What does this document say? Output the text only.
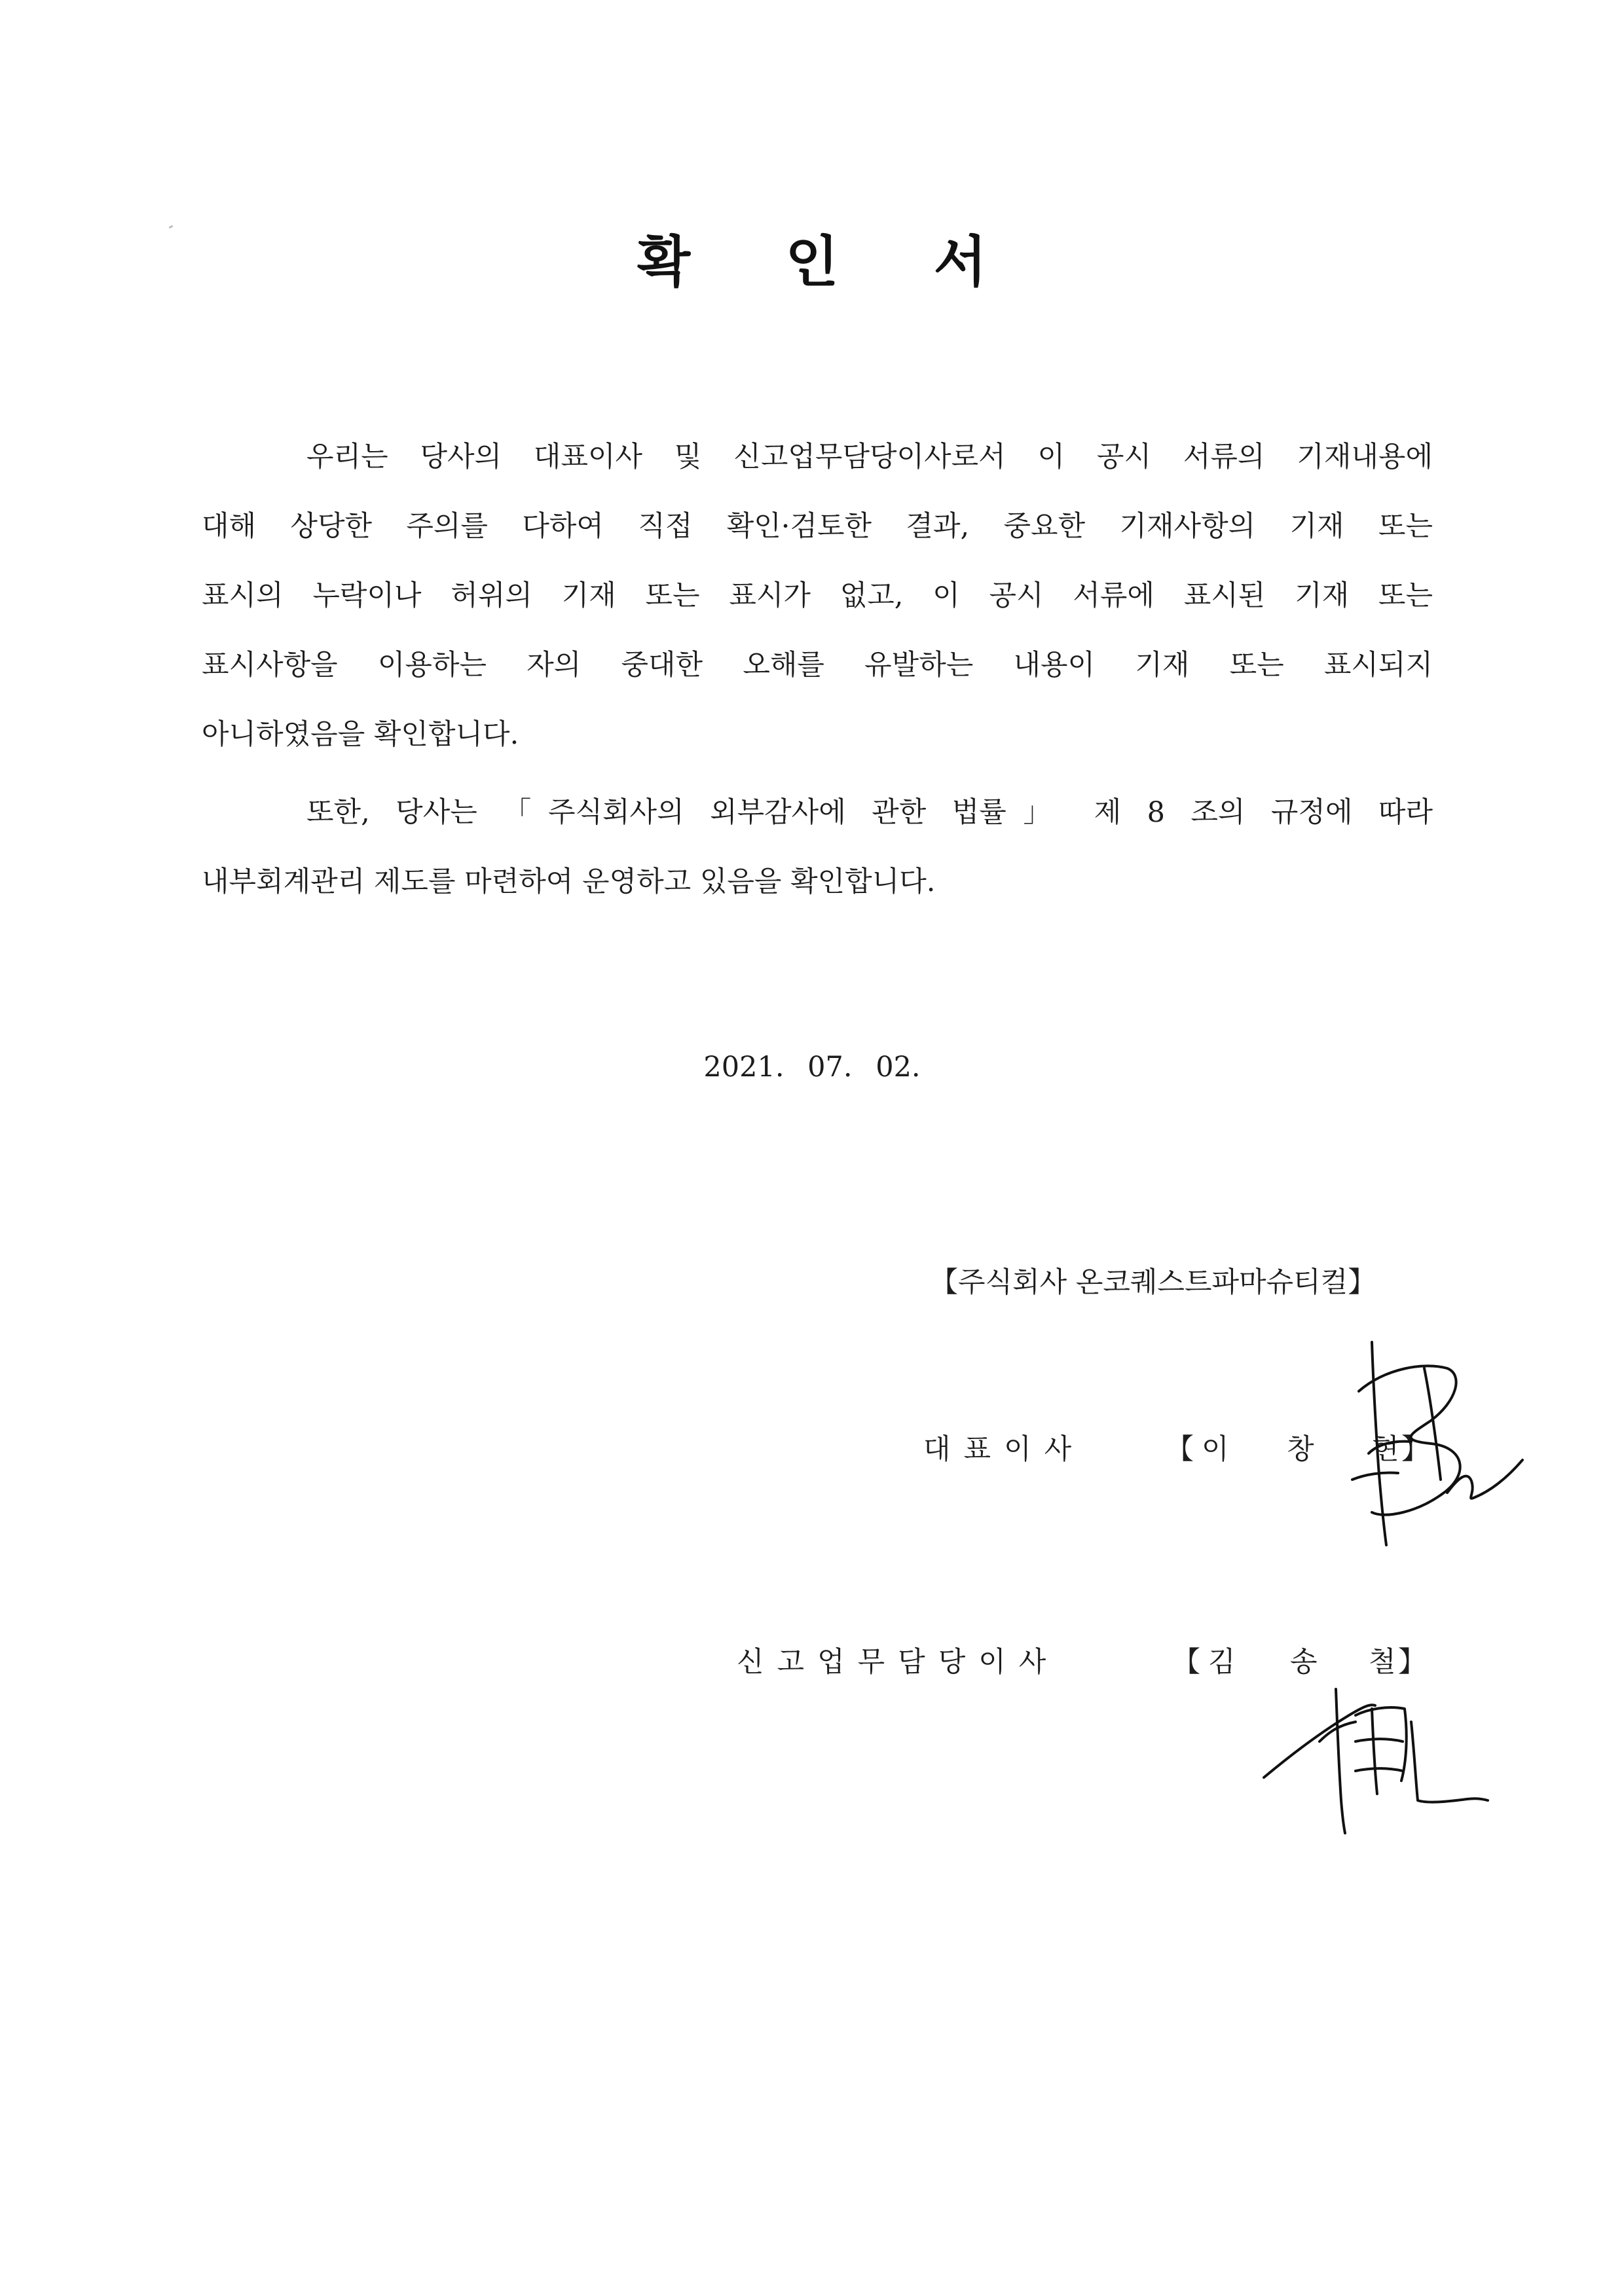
확 인 서
우리는 당사의 대표이사 및 신고업무담당이사로서 이 공시 서류의 기재내용에
대해 상당한 주의를 다하여 직접 확인·검토한 결과, 중요한 기재사항의 기재 또는
표시의 누락이나 허위의 기재 또는 표시가 없고, 이 공시 서류에 표시된 기재 또는
표시사항을 이용하는 자의 중대한 오해를 유발하는 내용이 기재 또는 표시되지
아니하였음을 확인합니다.
또한, 당사는 「주식회사의 외부감사에 관한 법률」 제 8 조의 규정에 따라
내부회계관리 제도를 마련하여 운영하고 있음을 확인합니다.
2021. 07. 02.
【주식회사 온코퀘스트파마슈티컬】
대표이사	【 이 창 현】
신고업무담당이사	【 김 송 철】
